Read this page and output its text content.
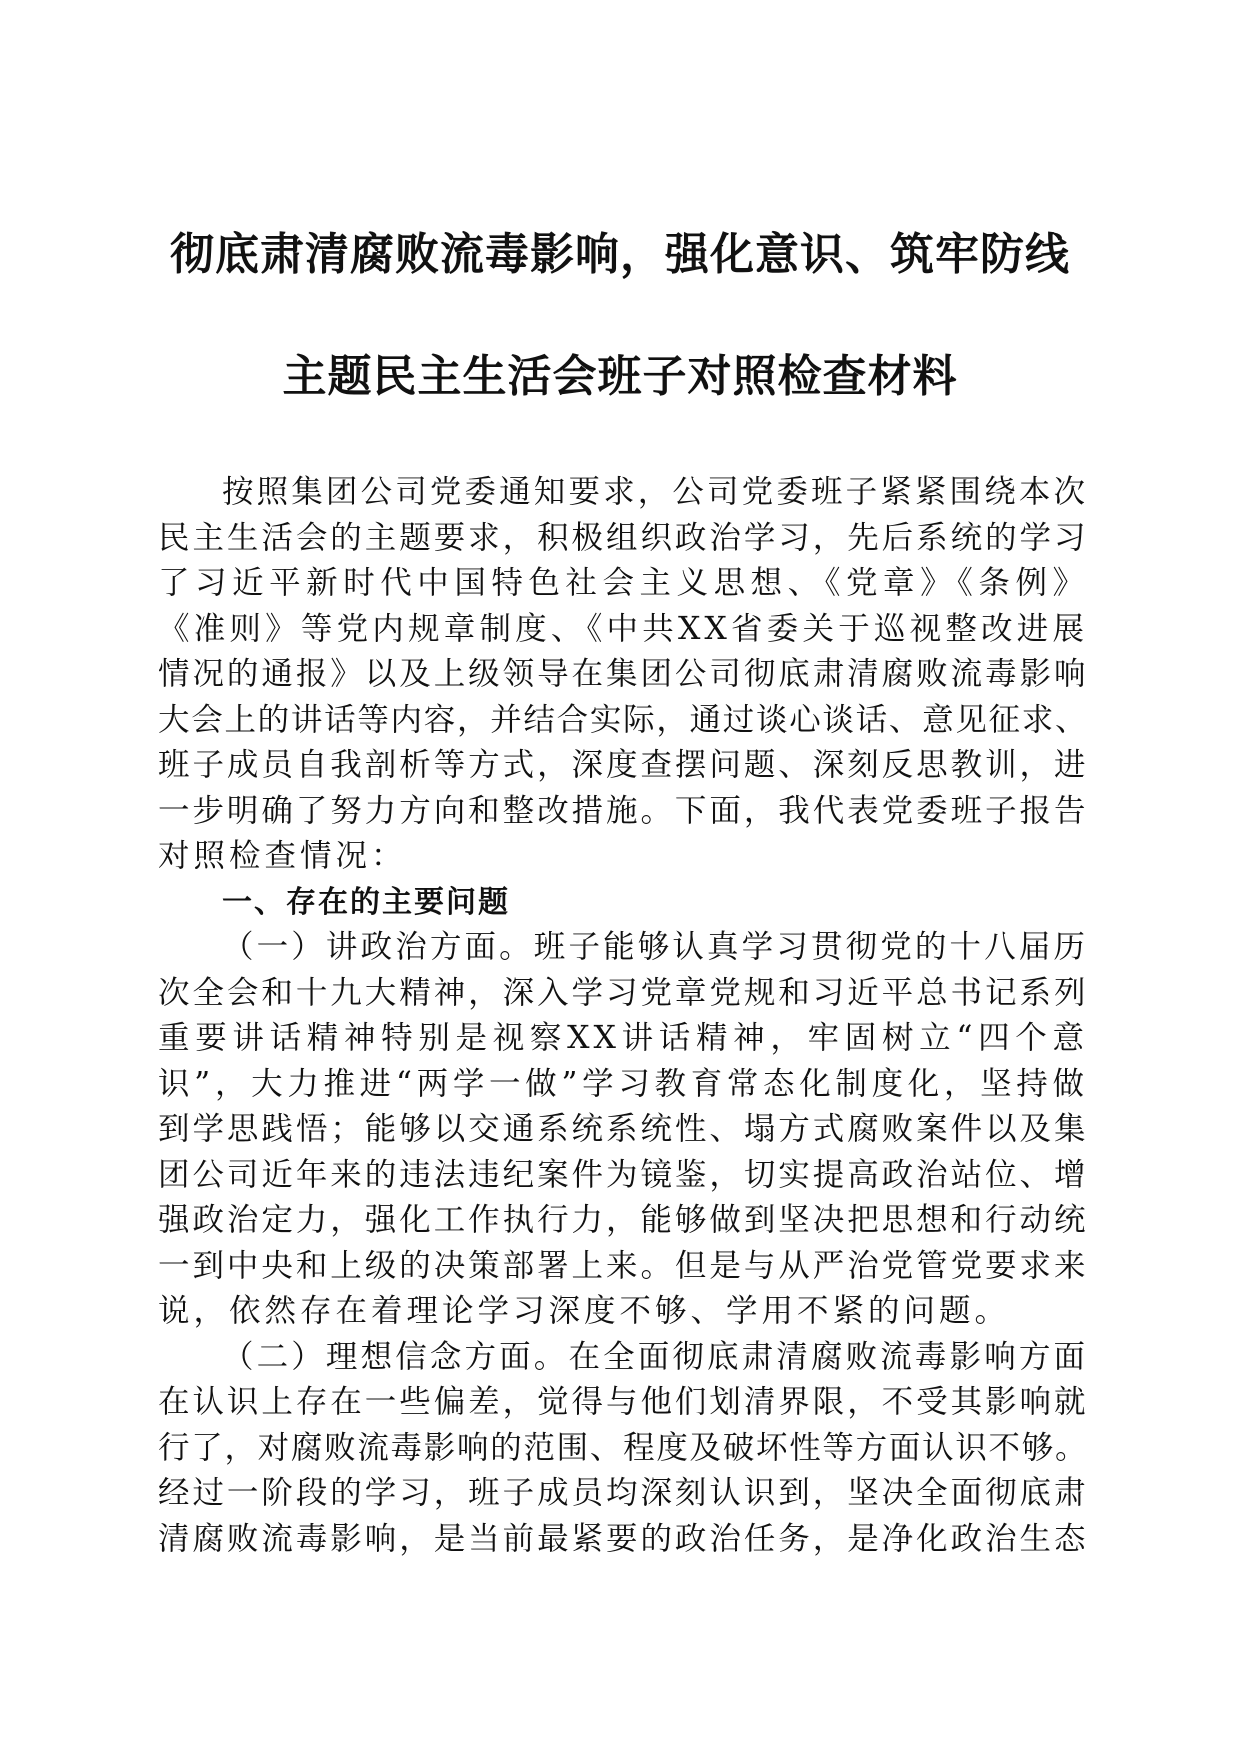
彻底肃清腐败流毒影响，强化意识、筑牢防线
主题民主生活会班子对照检查材料
按照集团公司党委通知要求，公司党委班子紧紧围绕本次
民主生活会的主题要求，积极组织政治学习，先后系统的学习
了习近平新时代中国特色社会主义思想、《党章》《条例》
《准则》等党内规章制度、《中共XX省委关于巡视整改进展
情况的通报》以及上级领导在集团公司彻底肃清腐败流毒影响
大会上的讲话等内容，并结合实际，通过谈心谈话、意见征求、
班子成员自我剖析等方式，深度查摆问题、深刻反思教训，进
一步明确了努力方向和整改措施。下面，我代表党委班子报告
对照检查情况：
一、存在的主要问题
（一）讲政治方面。班子能够认真学习贯彻党的十八届历
次全会和十九大精神，深入学习党章党规和习近平总书记系列
重要讲话精神特别是视察XX讲话精神，牢固树立“四个意
识”，大力推进“两学一做”学习教育常态化制度化，坚持做
到学思践悟；能够以交通系统系统性、塌方式腐败案件以及集
团公司近年来的违法违纪案件为镜鉴，切实提高政治站位、增
强政治定力，强化工作执行力，能够做到坚决把思想和行动统
一到中央和上级的决策部署上来。但是与从严治党管党要求来
说，依然存在着理论学习深度不够、学用不紧的问题。
（二）理想信念方面。在全面彻底肃清腐败流毒影响方面
在认识上存在一些偏差，觉得与他们划清界限，不受其影响就
行了，对腐败流毒影响的范围、程度及破坏性等方面认识不够。
经过一阶段的学习，班子成员均深刻认识到，坚决全面彻底肃
清腐败流毒影响，是当前最紧要的政治任务，是净化政治生态
